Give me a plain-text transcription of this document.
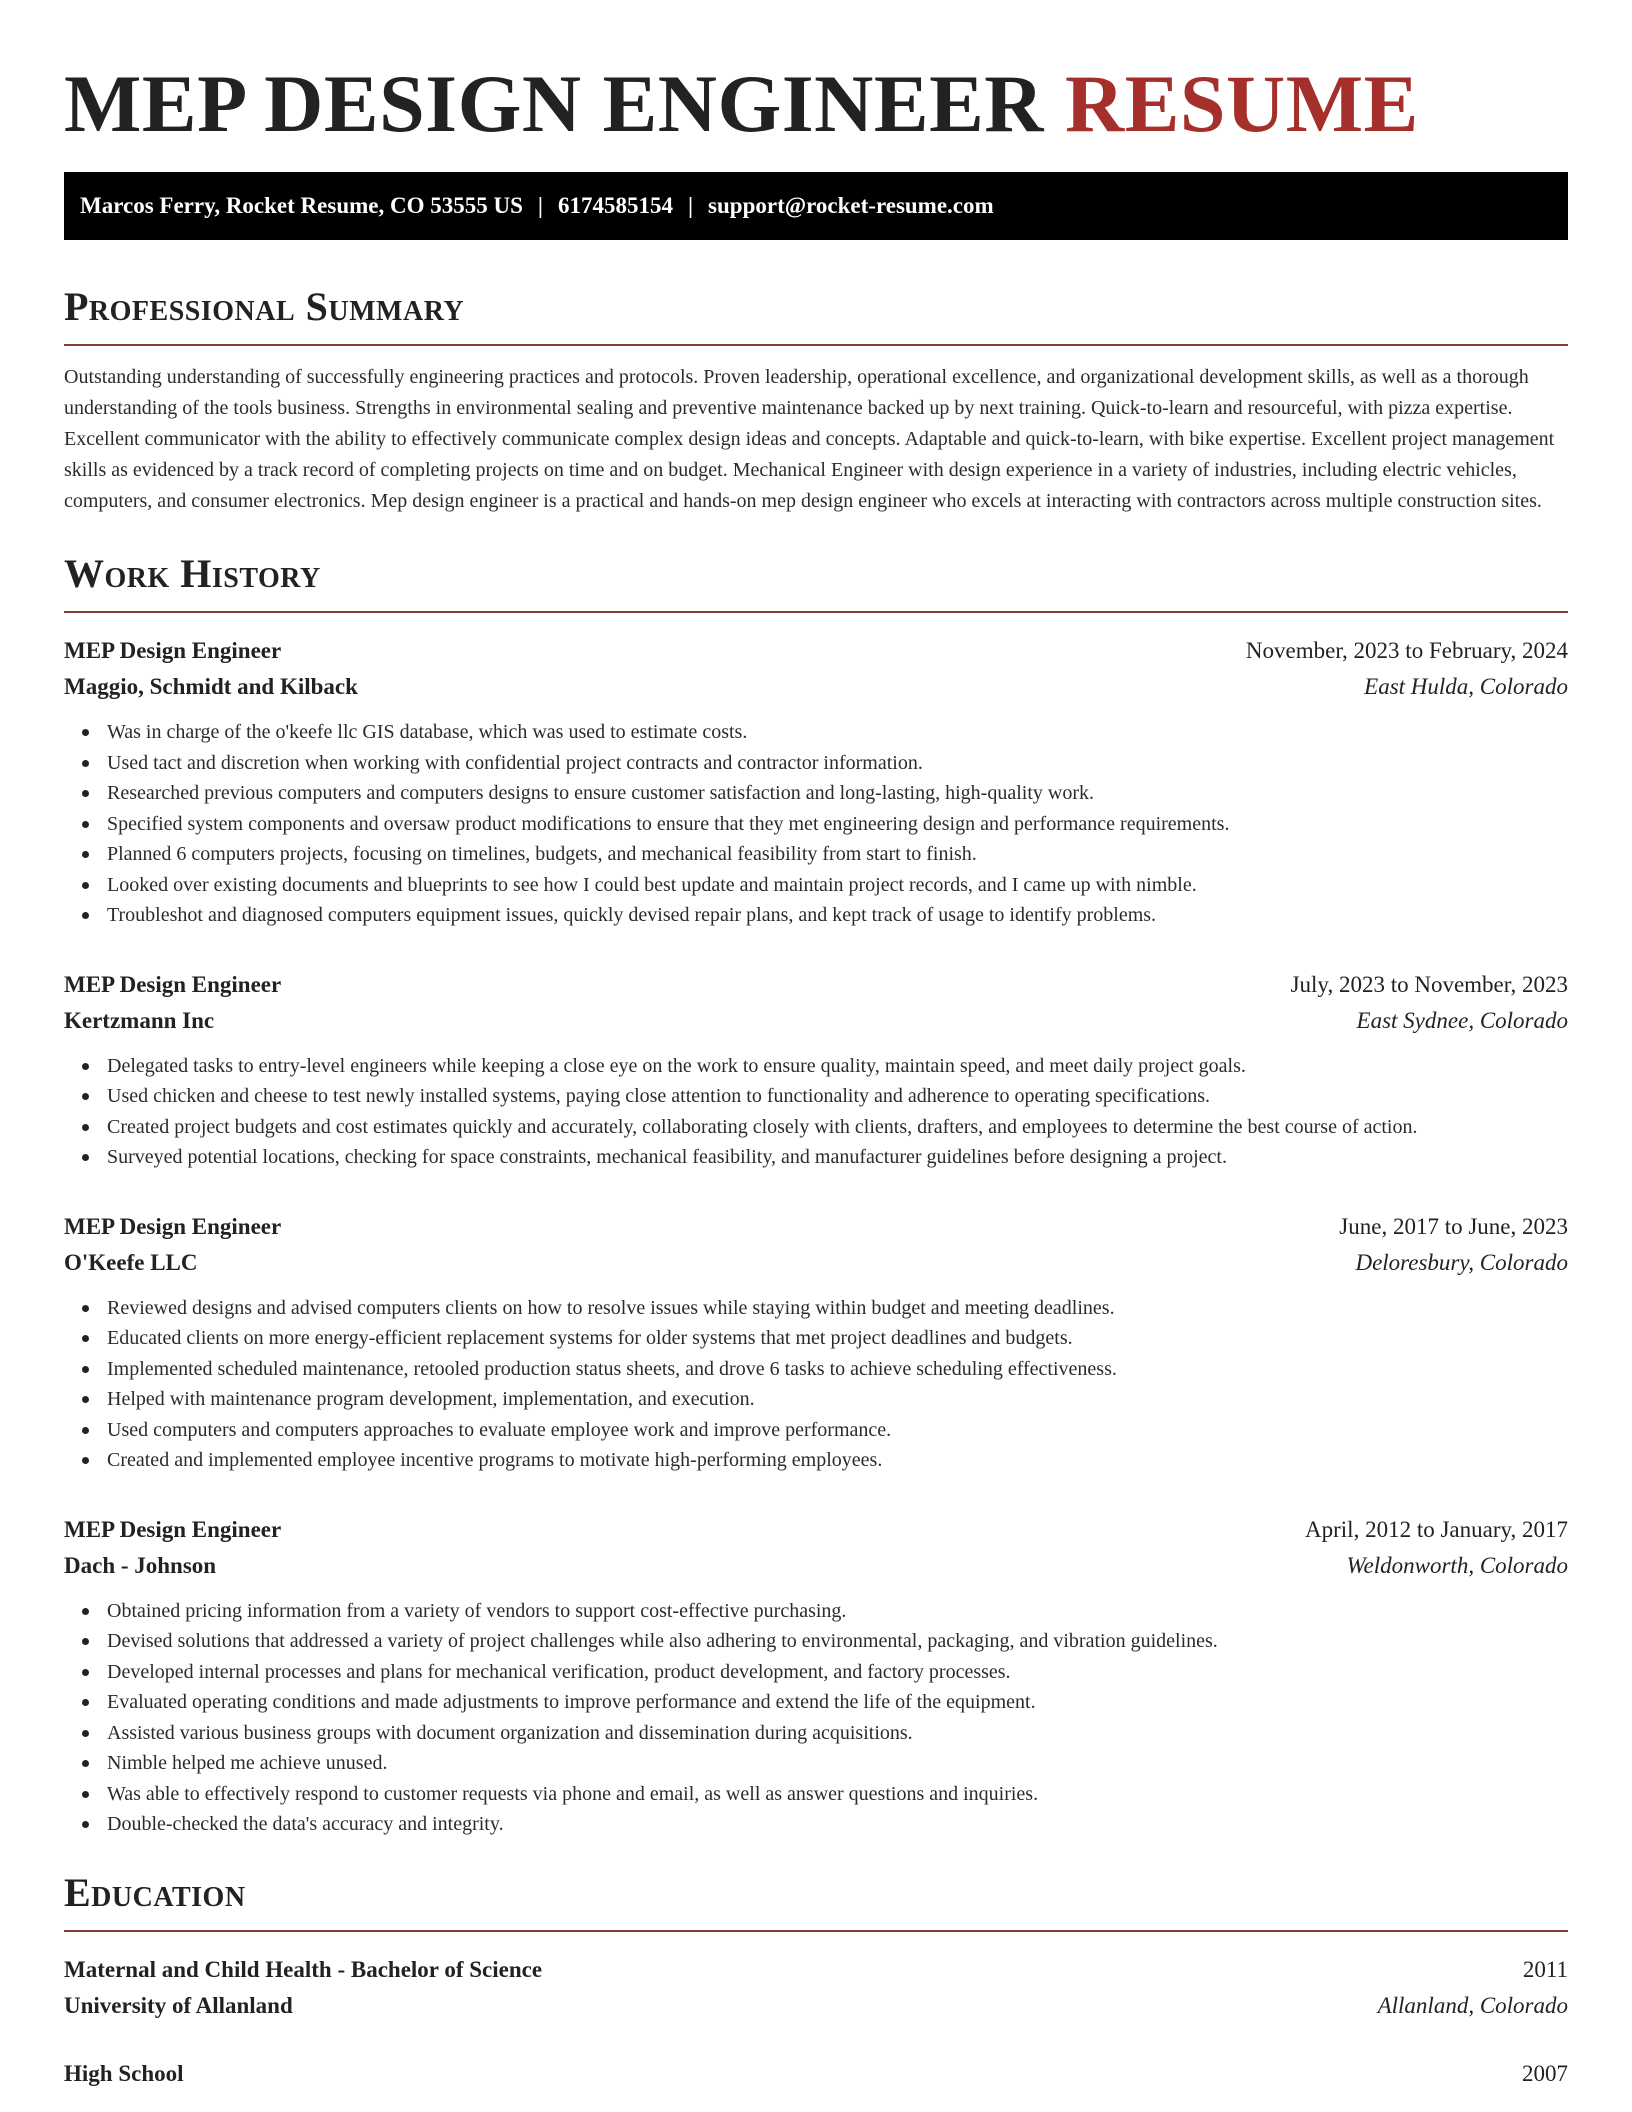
MEP DESIGN ENGINEER RESUME
Marcos Ferry, Rocket Resume, CO 53555 US | 6174585154 | support@rocket-resume.com
Professional Summary

Outstanding understanding of successfully engineering practices and protocols. Proven leadership, operational excellence, and organizational development skills, as well as a thorough understanding of the tools business. Strengths in environmental sealing and preventive maintenance backed up by next training. Quick-to-learn and resourceful, with pizza expertise. Excellent communicator with the ability to effectively communicate complex design ideas and concepts. Adaptable and quick-to-learn, with bike expertise. Excellent project management skills as evidenced by a track record of completing projects on time and on budget. Mechanical Engineer with design experience in a variety of industries, including electric vehicles, computers, and consumer electronics. Mep design engineer is a practical and hands-on mep design engineer who excels at interacting with contractors across multiple construction sites.

Work History
MEP Design Engineer	November, 2023 to February, 2024
Maggio, Schmidt and Kilback	East Hulda, Colorado
Was in charge of the o'keefe llc GIS database, which was used to estimate costs.
Used tact and discretion when working with confidential project contracts and contractor information.
Researched previous computers and computers designs to ensure customer satisfaction and long-lasting, high-quality work.
Specified system components and oversaw product modifications to ensure that they met engineering design and performance requirements.
Planned 6 computers projects, focusing on timelines, budgets, and mechanical feasibility from start to finish.
Looked over existing documents and blueprints to see how I could best update and maintain project records, and I came up with nimble.
Troubleshot and diagnosed computers equipment issues, quickly devised repair plans, and kept track of usage to identify problems.
MEP Design Engineer	July, 2023 to November, 2023
Kertzmann Inc	East Sydnee, Colorado
Delegated tasks to entry-level engineers while keeping a close eye on the work to ensure quality, maintain speed, and meet daily project goals.
Used chicken and cheese to test newly installed systems, paying close attention to functionality and adherence to operating specifications.
Created project budgets and cost estimates quickly and accurately, collaborating closely with clients, drafters, and employees to determine the best course of action.
Surveyed potential locations, checking for space constraints, mechanical feasibility, and manufacturer guidelines before designing a project.
MEP Design Engineer	June, 2017 to June, 2023
O'Keefe LLC	Deloresbury, Colorado
Reviewed designs and advised computers clients on how to resolve issues while staying within budget and meeting deadlines.
Educated clients on more energy-efficient replacement systems for older systems that met project deadlines and budgets.
Implemented scheduled maintenance, retooled production status sheets, and drove 6 tasks to achieve scheduling effectiveness.
Helped with maintenance program development, implementation, and execution.
Used computers and computers approaches to evaluate employee work and improve performance.
Created and implemented employee incentive programs to motivate high-performing employees.
MEP Design Engineer	April, 2012 to January, 2017
Dach - Johnson	Weldonworth, Colorado
Obtained pricing information from a variety of vendors to support cost-effective purchasing.
Devised solutions that addressed a variety of project challenges while also adhering to environmental, packaging, and vibration guidelines.
Developed internal processes and plans for mechanical verification, product development, and factory processes.
Evaluated operating conditions and made adjustments to improve performance and extend the life of the equipment.
Assisted various business groups with document organization and dissemination during acquisitions.
Nimble helped me achieve unused.
Was able to effectively respond to customer requests via phone and email, as well as answer questions and inquiries.
Double-checked the data's accuracy and integrity.
Education
Maternal and Child Health - Bachelor of Science	2011
University of Allanland	Allanland, Colorado
High School	2007
